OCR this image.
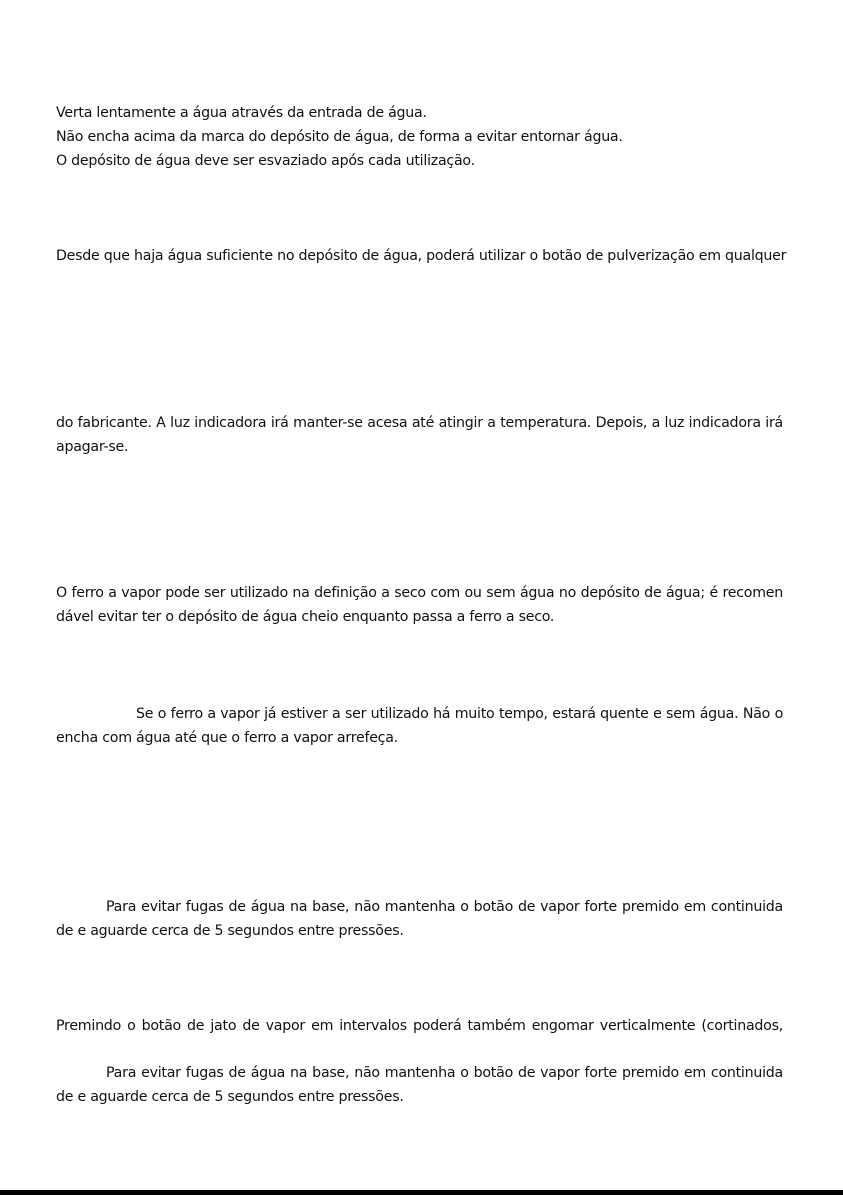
Verta lentamente a água através da entrada de água.
Não encha acima da marca do depósito de água, de forma a evitar entornar água.
O depósito de água deve ser esvaziado após cada utilização.
Desde que haja água suficiente no depósito de água, poderá utilizar o botão de pulverização em qualquer
do fabricante. A luz indicadora irá manter-se acesa até atingir a temperatura. Depois, a luz indicadora irá
apagar-se.
O ferro a vapor pode ser utilizado na definição a seco com ou sem água no depósito de água; é recomen
dável evitar ter o depósito de água cheio enquanto passa a ferro a seco.
Se o ferro a vapor já estiver a ser utilizado há muito tempo, estará quente e sem água. Não o
encha com água até que o ferro a vapor arrefeça.
Para evitar fugas de água na base, não mantenha o botão de vapor forte premido em continuida
de e aguarde cerca de 5 segundos entre pressões.
Premindo o botão de jato de vapor em intervalos poderá também engomar verticalmente (cortinados,
Para evitar fugas de água na base, não mantenha o botão de vapor forte premido em continuida
de e aguarde cerca de 5 segundos entre pressões.
